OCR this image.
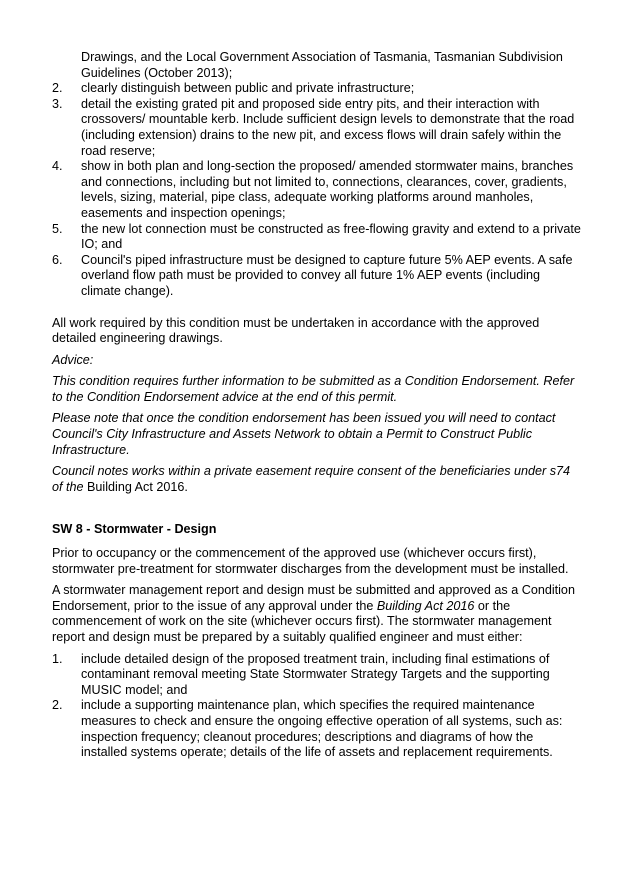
Drawings, and the Local Government Association of Tasmania, Tasmanian Subdivision Guidelines (October 2013);
2. clearly distinguish between public and private infrastructure;
3. detail the existing grated pit and proposed side entry pits, and their interaction with crossovers/ mountable kerb. Include sufficient design levels to demonstrate that the road (including extension) drains to the new pit, and excess flows will drain safely within the road reserve;
4. show in both plan and long-section the proposed/ amended stormwater mains, branches and connections, including but not limited to, connections, clearances, cover, gradients, levels, sizing, material, pipe class, adequate working platforms around manholes, easements and inspection openings;
5. the new lot connection must be constructed as free-flowing gravity and extend to a private IO; and
6. Council's piped infrastructure must be designed to capture future 5% AEP events. A safe overland flow path must be provided to convey all future 1% AEP events (including climate change).

All work required by this condition must be undertaken in accordance with the approved detailed engineering drawings.

Advice:

This condition requires further information to be submitted as a Condition Endorsement. Refer to the Condition Endorsement advice at the end of this permit.

Please note that once the condition endorsement has been issued you will need to contact Council's City Infrastructure and Assets Network to obtain a Permit to Construct Public Infrastructure.

Council notes works within a private easement require consent of the beneficiaries under s74 of the Building Act 2016.

SW 8 - Stormwater - Design

Prior to occupancy or the commencement of the approved use (whichever occurs first), stormwater pre-treatment for stormwater discharges from the development must be installed.

A stormwater management report and design must be submitted and approved as a Condition Endorsement, prior to the issue of any approval under the Building Act 2016 or the commencement of work on the site (whichever occurs first). The stormwater management report and design must be prepared by a suitably qualified engineer and must either:

1. include detailed design of the proposed treatment train, including final estimations of contaminant removal meeting State Stormwater Strategy Targets and the supporting MUSIC model; and
2. include a supporting maintenance plan, which specifies the required maintenance measures to check and ensure the ongoing effective operation of all systems, such as: inspection frequency; cleanout procedures; descriptions and diagrams of how the installed systems operate; details of the life of assets and replacement requirements.
